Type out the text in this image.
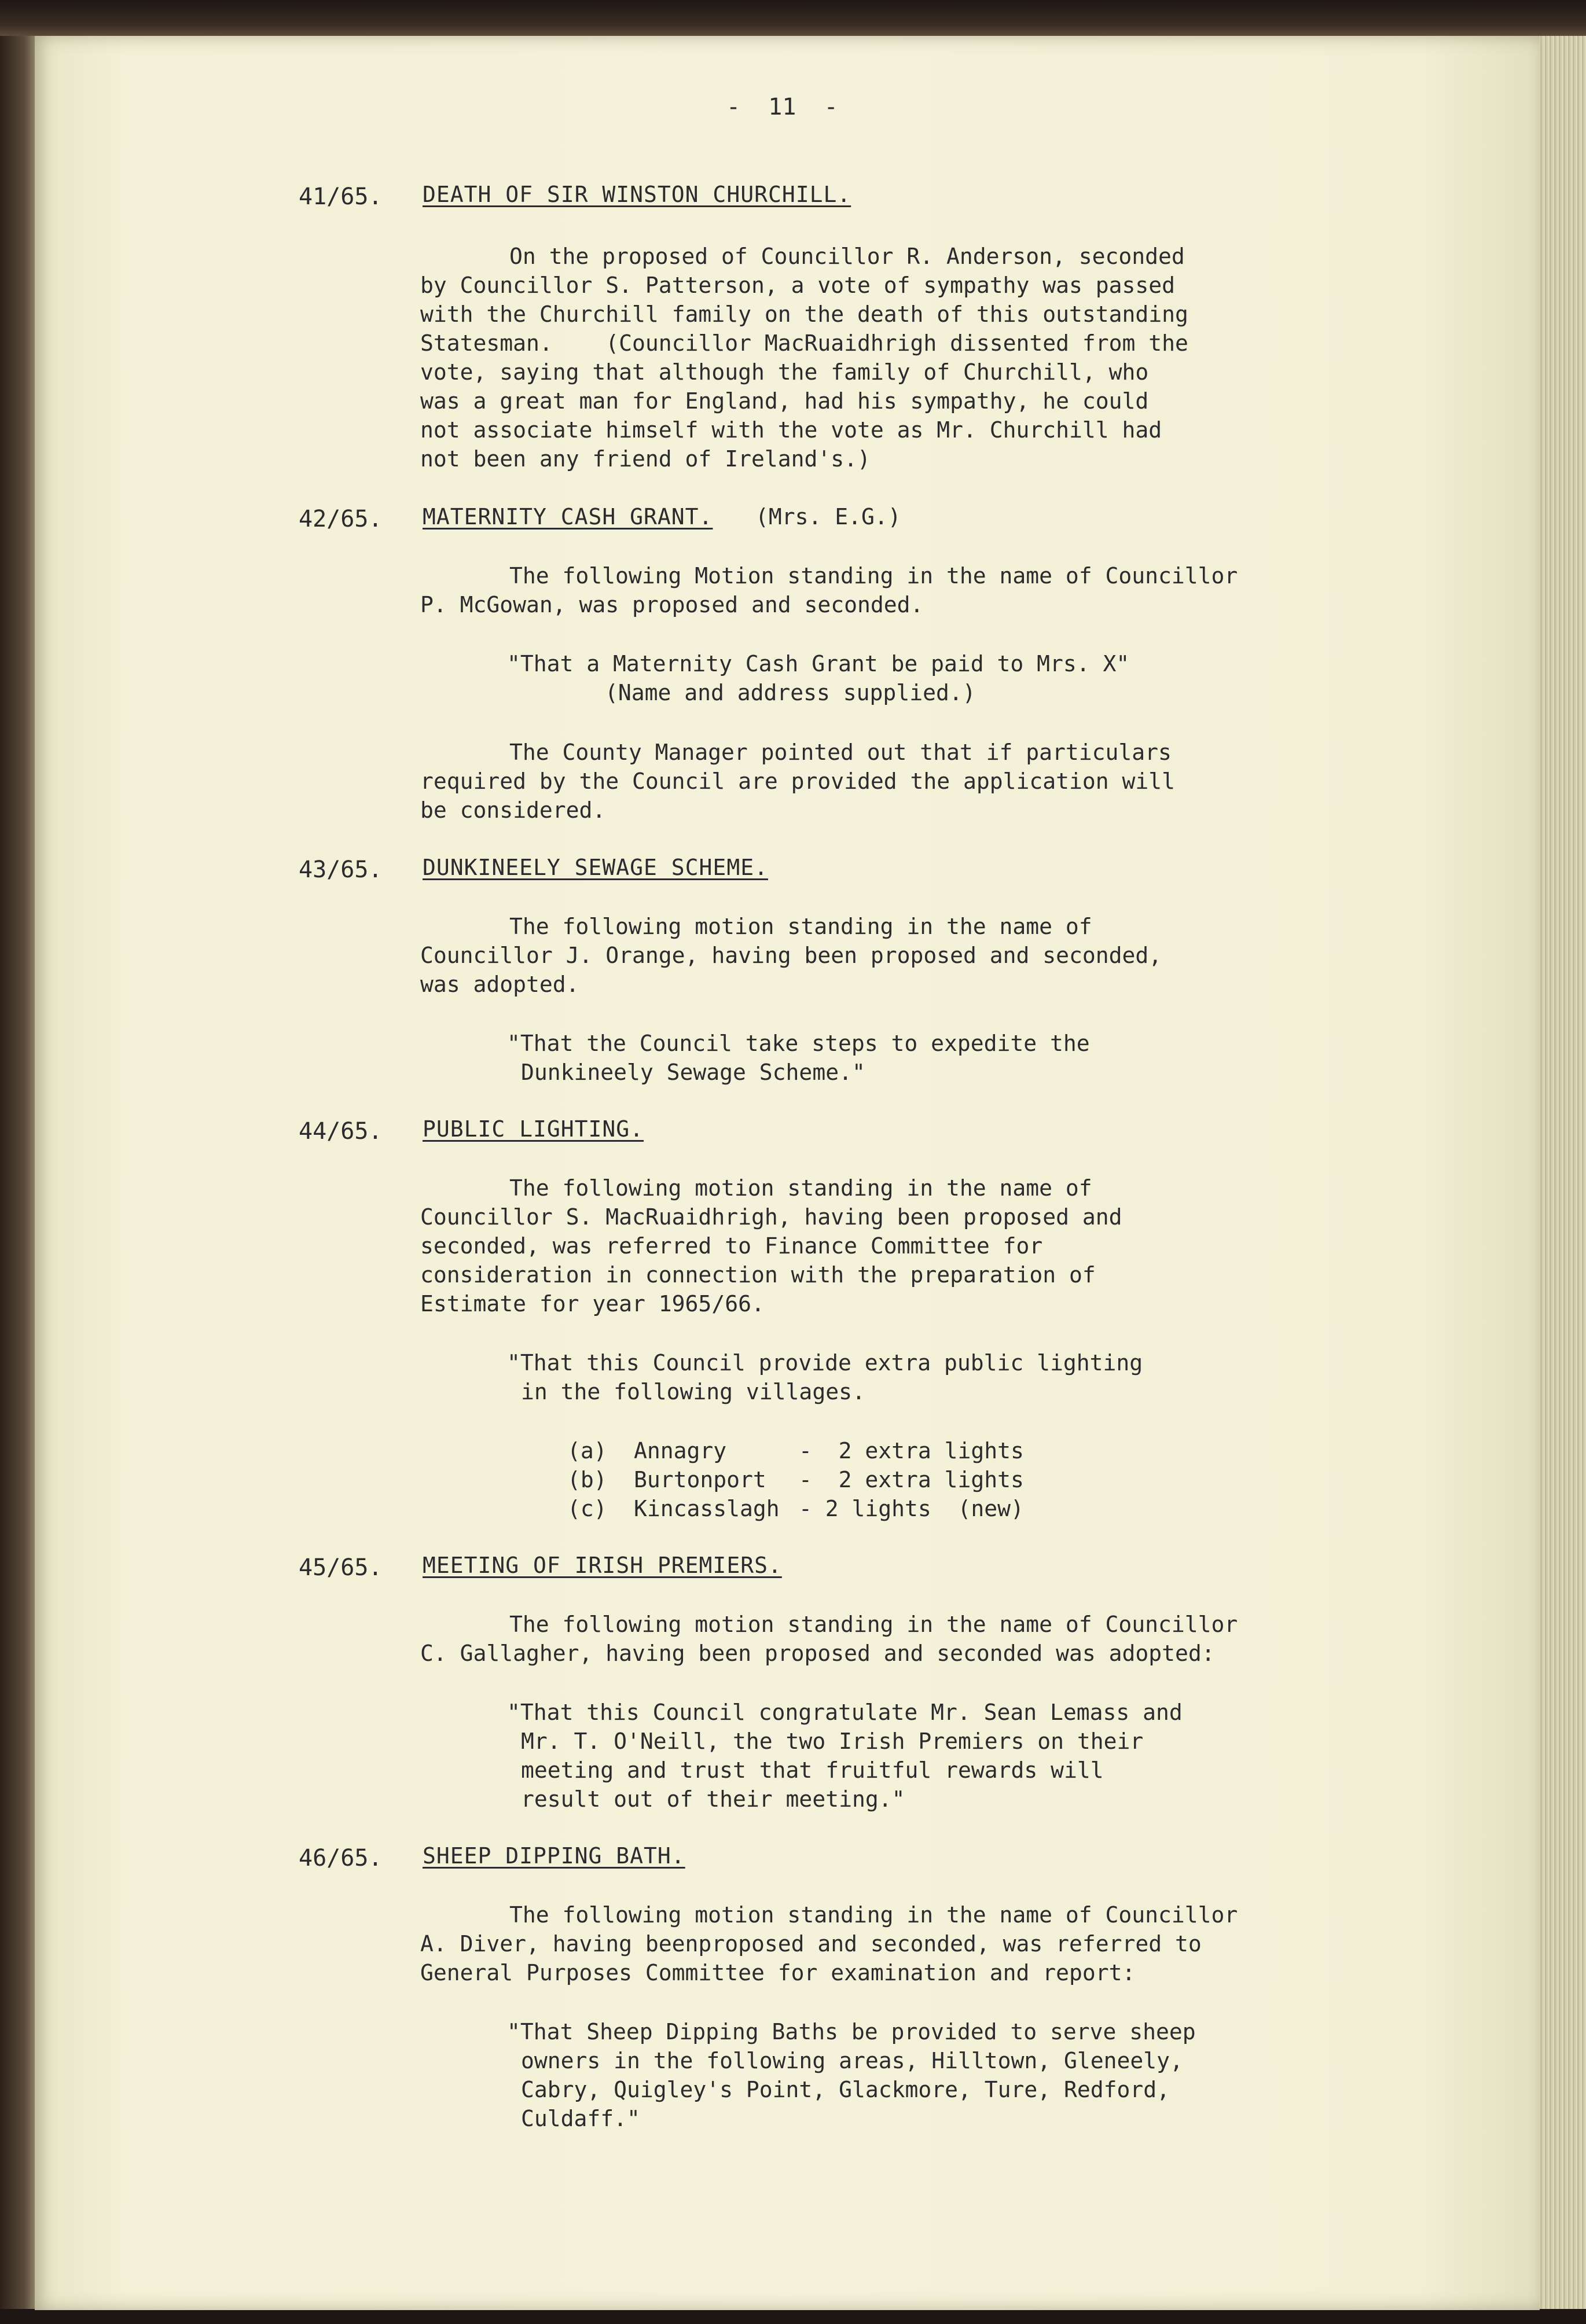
-  11  -
41/65. DEATH OF SIR WINSTON CHURCHILL.
On the proposed of Councillor R. Anderson, seconded
by Councillor S. Patterson, a vote of sympathy was passed
with the Churchill family on the death of this outstanding
Statesman.    (Councillor MacRuaidhrigh dissented from the
vote, saying that although the family of Churchill, who
was a great man for England, had his sympathy, he could
not associate himself with the vote as Mr. Churchill had
not been any friend of Ireland's.)
42/65. MATERNITY CASH GRANT. (Mrs. E.G.)
The following Motion standing in the name of Councillor
P. McGowan, was proposed and seconded.
"That a Maternity Cash Grant be paid to Mrs. X"
(Name and address supplied.)
The County Manager pointed out that if particulars
required by the Council are provided the application will
be considered.
43/65. DUNKINEELY SEWAGE SCHEME.
The following motion standing in the name of
Councillor J. Orange, having been proposed and seconded,
was adopted.
"That the Council take steps to expedite the
Dunkineely Sewage Scheme."
44/65. PUBLIC LIGHTING.
The following motion standing in the name of
Councillor S. MacRuaidhrigh, having been proposed and
seconded, was referred to Finance Committee for
consideration in connection with the preparation of
Estimate for year 1965/66.
"That this Council provide extra public lighting
in the following villages.
(a) Annagry	-  2 extra lights
(b) Burtonport -  2 extra lights
(c) Kincasslagh - 2 lights  (new)
45/65. MEETING OF IRISH PREMIERS.
The following motion standing in the name of Councillor
C. Gallagher, having been proposed and seconded was adopted:
"That this Council congratulate Mr. Sean Lemass and
Mr. T. O'Neill, the two Irish Premiers on their
meeting and trust that fruitful rewards will
result out of their meeting."
46/65. SHEEP DIPPING BATH.
The following motion standing in the name of Councillor
A. Diver, having beenproposed and seconded, was referred to
General Purposes Committee for examination and report:
"That Sheep Dipping Baths be provided to serve sheep
owners in the following areas, Hilltown, Gleneely,
Cabry, Quigley's Point, Glackmore, Ture, Redford,
Culdaff."
